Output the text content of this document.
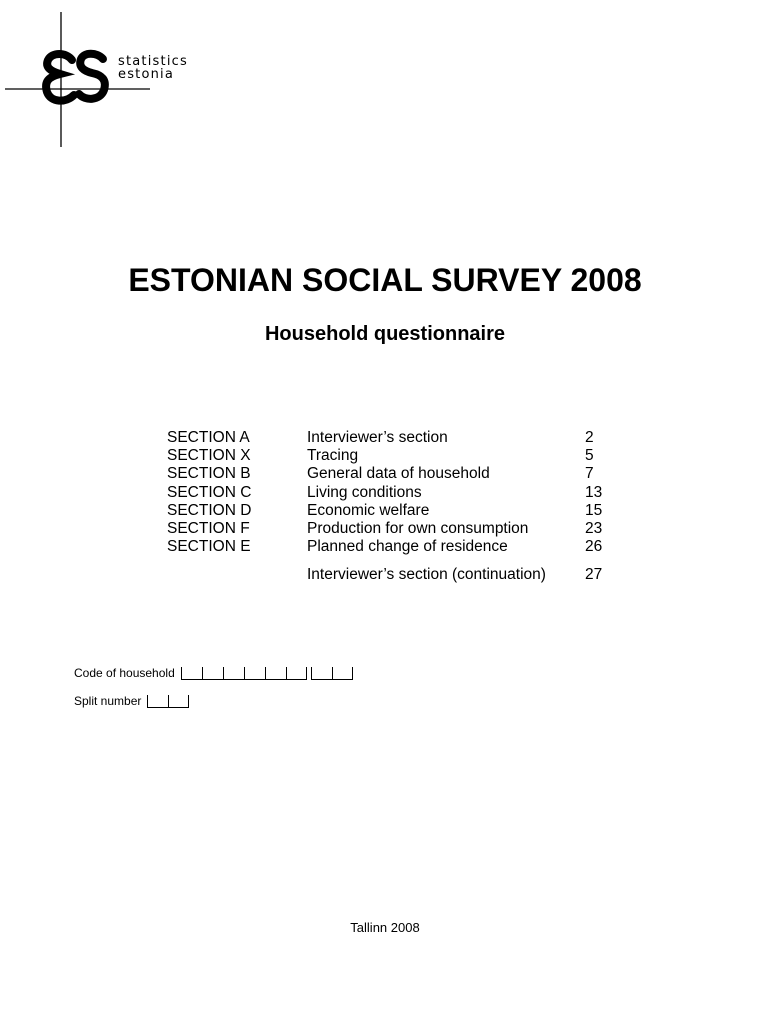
statistics
estonia
ESTONIAN SOCIAL SURVEY 2008
Household questionnaire
SECTION A	Interviewer’s section	2
SECTION X	Tracing	5
SECTION B	General data of household	7
SECTION C	Living conditions	13
SECTION D	Economic welfare	15
SECTION F	Production for own consumption	23
SECTION E	Planned change of residence	26
Interviewer’s section (continuation)	27
Code of household
Split number
Tallinn 2008
